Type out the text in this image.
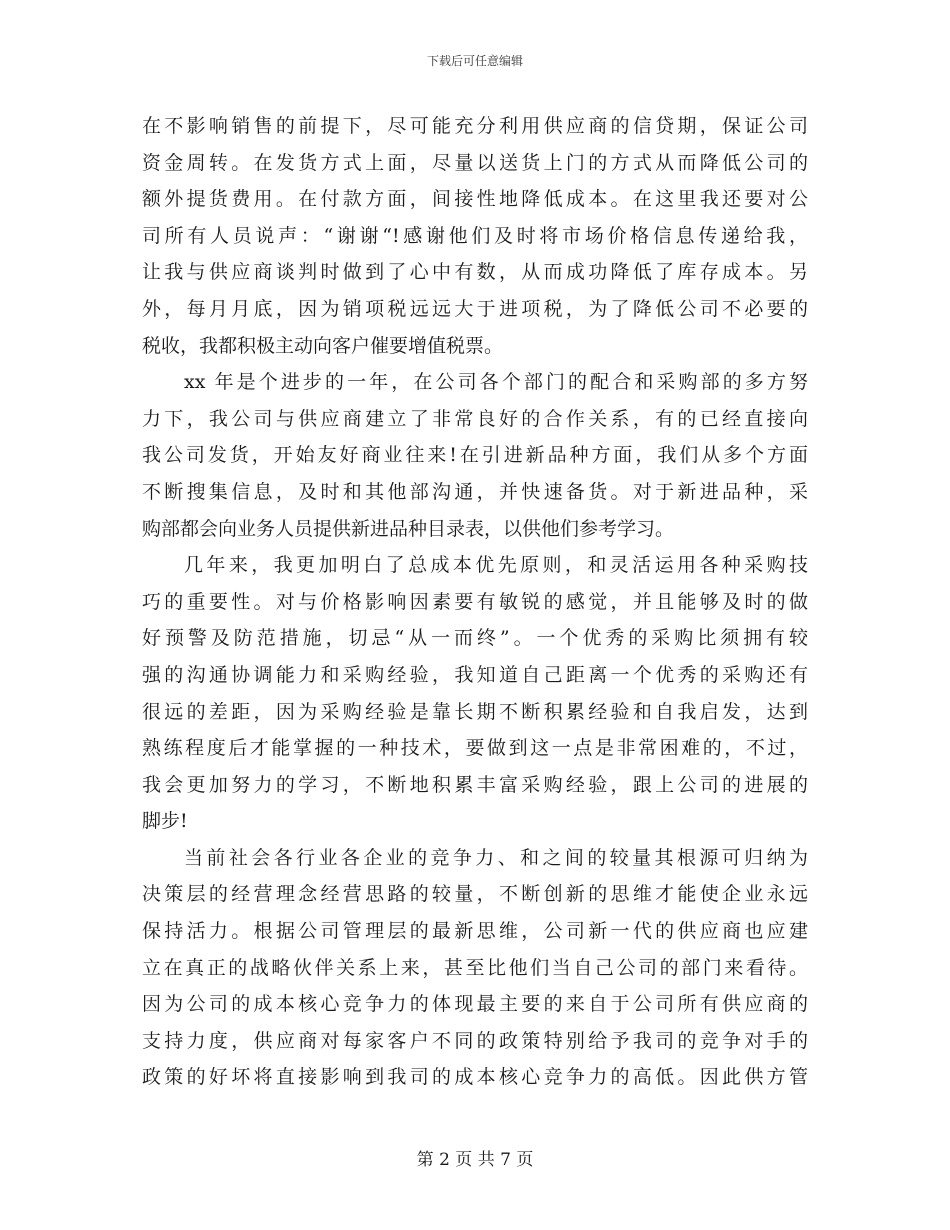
下载后可任意编辑
在不影响销售的前提下，尽可能充分利用供应商的信贷期，保证公司
资金周转。在发货方式上面，尽量以送货上门的方式从而降低公司的
额外提货费用。在付款方面，间接性地降低成本。在这里我还要对公
司所有人员说声：“谢谢“!感谢他们及时将市场价格信息传递给我，
让我与供应商谈判时做到了心中有数，从而成功降低了库存成本。另
外，每月月底，因为销项税远远大于进项税，为了降低公司不必要的
税收，我都积极主动向客户催要增值税票。
xx 年是个进步的一年，在公司各个部门的配合和采购部的多方努
力下，我公司与供应商建立了非常良好的合作关系，有的已经直接向
我公司发货，开始友好商业往来!在引进新品种方面，我们从多个方面
不断搜集信息，及时和其他部沟通，并快速备货。对于新进品种，采
购部都会向业务人员提供新进品种目录表，以供他们参考学习。
几年来，我更加明白了总成本优先原则，和灵活运用各种采购技
巧的重要性。对与价格影响因素要有敏锐的感觉，并且能够及时的做
好预警及防范措施，切忌“从一而终”。一个优秀的采购比须拥有较
强的沟通协调能力和采购经验，我知道自己距离一个优秀的采购还有
很远的差距，因为采购经验是靠长期不断积累经验和自我启发，达到
熟练程度后才能掌握的一种技术，要做到这一点是非常困难的，不过，
我会更加努力的学习，不断地积累丰富采购经验，跟上公司的进展的
脚步!
当前社会各行业各企业的竞争力、和之间的较量其根源可归纳为
决策层的经营理念经营思路的较量，不断创新的思维才能使企业永远
保持活力。根据公司管理层的最新思维，公司新一代的供应商也应建
立在真正的战略伙伴关系上来，甚至比他们当自己公司的部门来看待。
因为公司的成本核心竞争力的体现最主要的来自于公司所有供应商的
支持力度，供应商对每家客户不同的政策特别给予我司的竞争对手的
政策的好坏将直接影响到我司的成本核心竞争力的高低。因此供方管
第 2 页 共 7 页
